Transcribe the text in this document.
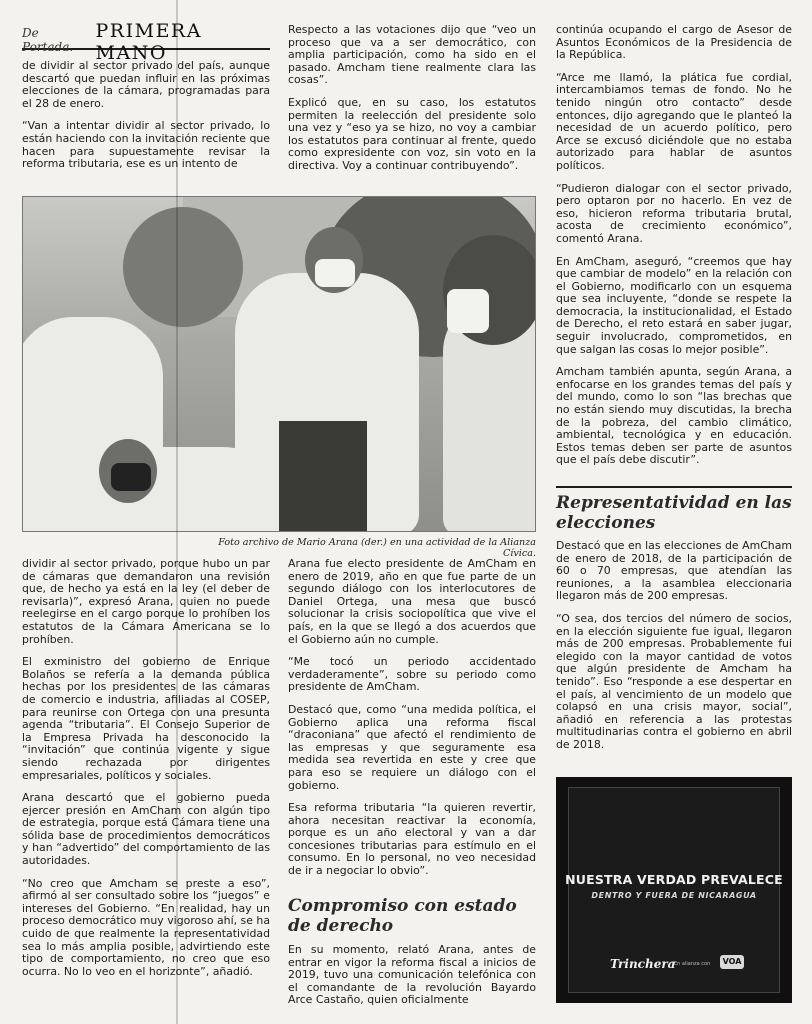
De Portada.
PRIMERA MANO

de dividir al sector privado del país, aunque descartó que puedan influir en las próximas elecciones de la cámara, programadas para el 28 de enero.

“Van a intentar dividir al sector privado, lo están haciendo con la invitación reciente que hacen para supuestamente revisar la reforma tributaria, ese es un intento de

Respecto a las votaciones dijo que “veo un proceso que va a ser democrático, con amplia participación, como ha sido en el pasado. Amcham tiene realmente clara las cosas”.

Explicó que, en su caso, los estatutos permiten la reelección del presidente solo una vez y “eso ya se hizo, no voy a cambiar los estatutos para continuar al frente, quedo como expresidente con voz, sin voto en la directiva. Voy a continuar contribuyendo”.

continúa ocupando el cargo de Asesor de Asuntos Económicos de la Presidencia de la República.

“Arce me llamó, la plática fue cordial, intercambiamos temas de fondo. No he tenido ningún otro contacto” desde entonces, dijo agregando que le planteó la necesidad de un acuerdo político, pero Arce se excusó diciéndole que no estaba autorizado para hablar de asuntos políticos.

“Pudieron dialogar con el sector privado, pero optaron por no hacerlo. En vez de eso, hicieron reforma tributaria brutal, acosta de crecimiento económico”, comentó Arana.

En AmCham, aseguró, “creemos que hay que cambiar de modelo” en la relación con el Gobierno, modificarlo con un esquema que sea incluyente, “donde se respete la democracia, la institucionalidad, el Estado de Derecho, el reto estará en saber jugar, seguir involucrado, comprometidos, en que salgan las cosas lo mejor posible”.

Amcham también apunta, según Arana, a enfocarse en los grandes temas del país y del mundo, como lo son “las brechas que no están siendo muy discutidas, la brecha de la pobreza, del cambio climático, ambiental, tecnológica y en educación. Estos temas deben ser parte de asuntos que el país debe discutir”.

Foto archivo de Mario Arana (der.) en una actividad de la Alianza Cívica.

dividir al sector privado, porque hubo un par de cámaras que demandaron una revisión que, de hecho ya está en la ley (el deber de revisarla)”, expresó Arana, quien no puede reelegirse en el cargo porque lo prohíben los estatutos de la Cámara Americana se lo prohíben.

El exministro del gobierno de Enrique Bolaños se refería a la demanda pública hechas por los presidentes de las cámaras de comercio e industria, afiliadas al COSEP, para reunirse con Ortega con una presunta agenda “tributaria”. El Consejo Superior de la Empresa Privada ha desconocido la “invitación” que continúa vigente y sigue siendo rechazada por dirigentes empresariales, políticos y sociales.

Arana descartó que el gobierno pueda ejercer presión en AmCham con algún tipo de estrategia, porque está Cámara tiene una sólida base de procedimientos democráticos y han “advertido” del comportamiento de las autoridades.

“No creo que Amcham se preste a eso”, afirmó al ser consultado sobre los “juegos” e intereses del Gobierno. “En realidad, hay un proceso democrático muy vigoroso ahí, se ha cuido de que realmente la representatividad sea lo más amplia posible, advirtiendo este tipo de comportamiento, no creo que eso ocurra. No lo veo en el horizonte”, añadió.

Arana fue electo presidente de AmCham en enero de 2019, año en que fue parte de un segundo diálogo con los interlocutores de Daniel Ortega, una mesa que buscó solucionar la crisis sociopolítica que vive el país, en la que se llegó a dos acuerdos que el Gobierno aún no cumple.

“Me tocó un periodo accidentado verdaderamente”, sobre su periodo como presidente de AmCham.

Destacó que, como “una medida política, el Gobierno aplica una reforma fiscal “draconiana” que afectó el rendimiento de las empresas y que seguramente esa medida sea revertida en este y cree que para eso se requiere un diálogo con el gobierno.

Esa reforma tributaria “la quieren revertir, ahora necesitan reactivar la economía, porque es un año electoral y van a dar concesiones tributarias para estímulo en el consumo. En lo personal, no veo necesidad de ir a negociar lo obvio”.

Compromiso con estado de derecho

En su momento, relató Arana, antes de entrar en vigor la reforma fiscal a inicios de 2019, tuvo una comunicación telefónica con el comandante de la revolución Bayardo Arce Castaño, quien oficialmente

Representatividad en las elecciones

Destacó que en las elecciones de AmCham de enero de 2018, de la participación de 60 o 70 empresas, que atendían las reuniones, a la asamblea eleccionaria llegaron más de 200 empresas.

“O sea, dos tercios del número de socios, en la elección siguiente fue igual, llegaron más de 200 empresas. Probablemente fui elegido con la mayor cantidad de votos que algún presidente de Amcham ha tenido”. Eso “responde a ese despertar en el país, al vencimiento de un modelo que colapsó en una crisis mayor, social”, añadió en referencia a las protestas multitudinarias contra el gobierno en abril de 2018.

NUESTRA VERDAD PREVALECE
DENTRO Y FUERA DE NICARAGUA
Trinchera
En alianza con	VOA
